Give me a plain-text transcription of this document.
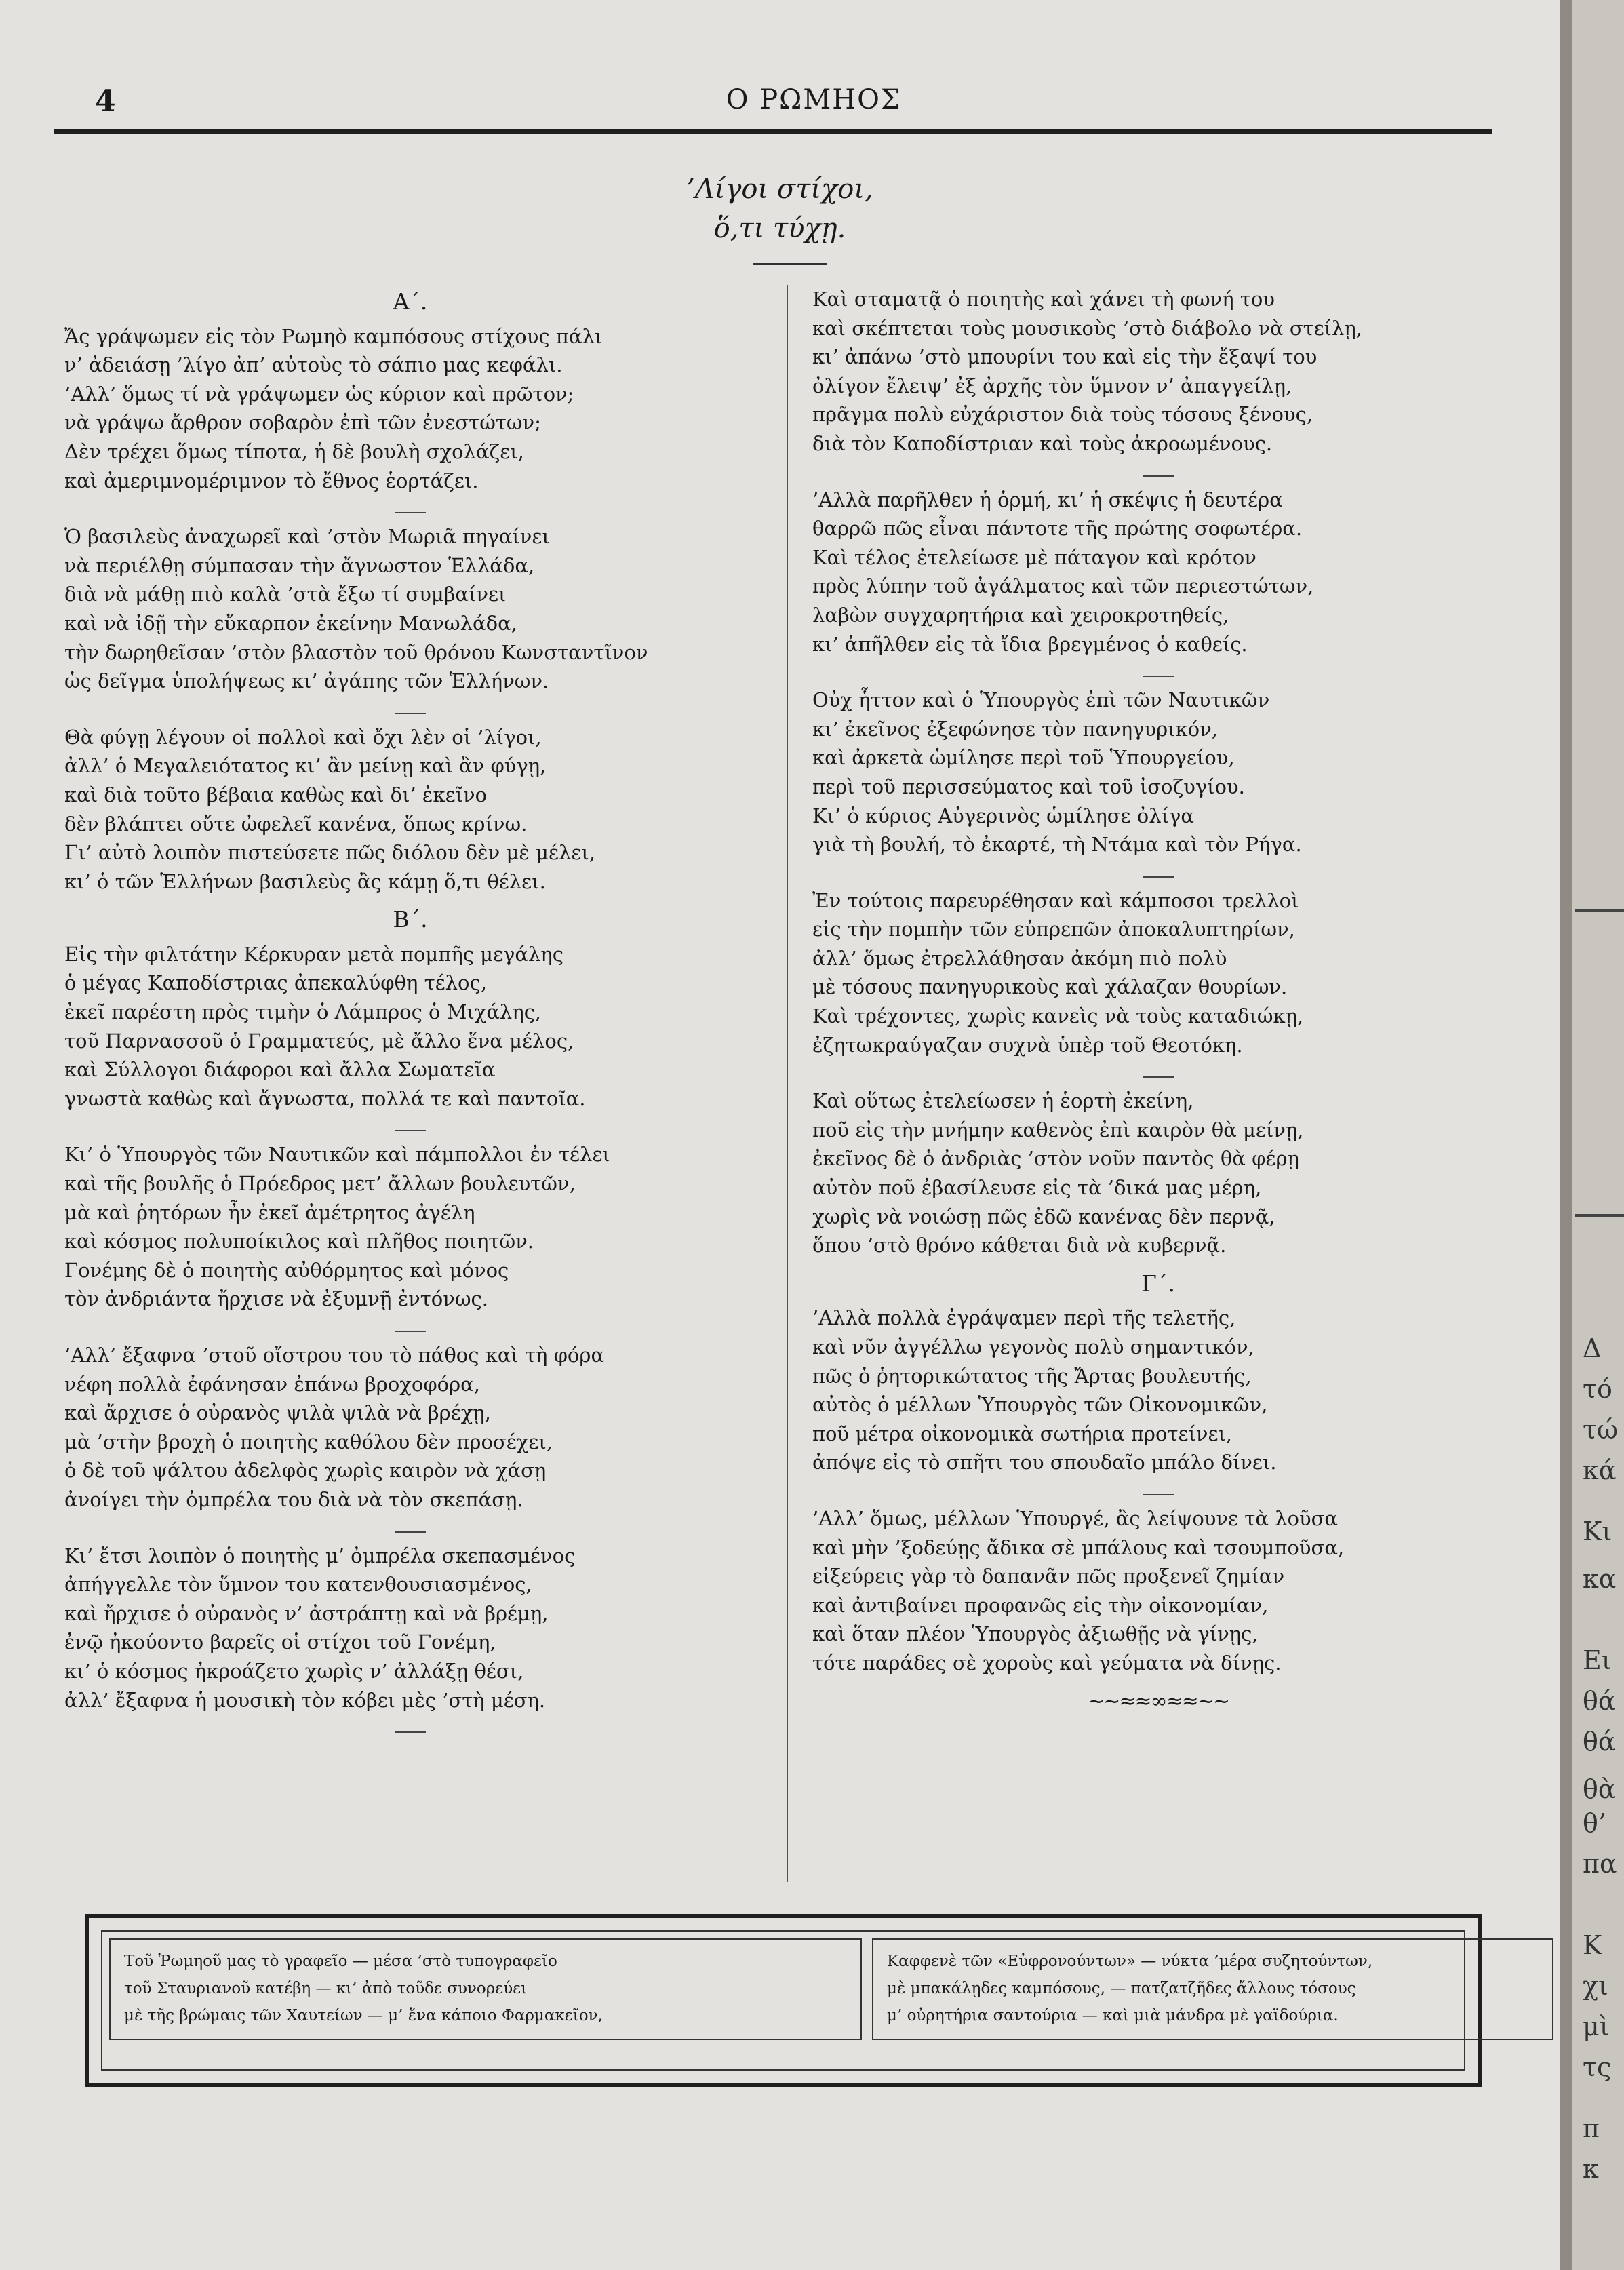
4	Ο ΡΩΜΗΟΣ
’Λίγοι στίχοι,
ὅ,τι τύχῃ.
Α΄.
Ἄς γράψωμεν εἰς τὸν Ρωμηὸ καμπόσους στίχους πάλι
ν’ ἀδειάσῃ ’λίγο ἀπ’ αὐτοὺς τὸ σάπιο μας κεφάλι.
’Αλλ’ ὅμως τί νὰ γράψωμεν ὡς κύριον καὶ πρῶτον;
νὰ γράψω ἄρθρον σοβαρὸν ἐπὶ τῶν ἐνεστώτων;
Δὲν τρέχει ὅμως τίποτα, ἡ δὲ βουλὴ σχολάζει,
καὶ ἀμεριμνομέριμνον τὸ ἔθνος ἑορτάζει.
Ὁ βασιλεὺς ἀναχωρεῖ καὶ ’στὸν Μωριᾶ πηγαίνει
νὰ περιέλθῃ σύμπασαν τὴν ἄγνωστον Ἑλλάδα,
διὰ νὰ μάθῃ πιὸ καλὰ ’στὰ ἔξω τί συμβαίνει
καὶ νὰ ἰδῇ τὴν εὔκαρπον ἐκείνην Μανωλάδα,
τὴν δωρηθεῖσαν ’στὸν βλαστὸν τοῦ θρόνου Κωνσταντῖνον
ὡς δεῖγμα ὑπολήψεως κι’ ἀγάπης τῶν Ἑλλήνων.
Θὰ φύγῃ λέγουν οἱ πολλοὶ καὶ ὄχι λὲν οἱ ’λίγοι,
ἀλλ’ ὁ Μεγαλειότατος κι’ ἂν μείνῃ καὶ ἂν φύγῃ,
καὶ διὰ τοῦτο βέβαια καθὼς καὶ δι’ ἐκεῖνο
δὲν βλάπτει οὔτε ὠφελεῖ κανένα, ὅπως κρίνω.
Γι’ αὐτὸ λοιπὸν πιστεύσετε πῶς διόλου δὲν μὲ μέλει,
κι’ ὁ τῶν Ἑλλήνων βασιλεὺς ἂς κάμῃ ὅ,τι θέλει.
Β΄.
Εἰς τὴν φιλτάτην Κέρκυραν μετὰ πομπῆς μεγάλης
ὁ μέγας Καποδίστριας ἀπεκαλύφθη τέλος,
ἐκεῖ παρέστη πρὸς τιμὴν ὁ Λάμπρος ὁ Μιχάλης,
τοῦ Παρνασσοῦ ὁ Γραμματεύς, μὲ ἄλλο ἕνα μέλος,
καὶ Σύλλογοι διάφοροι καὶ ἄλλα Σωματεῖα
γνωστὰ καθὼς καὶ ἄγνωστα, πολλά τε καὶ παντοῖα.
Κι’ ὁ Ὑπουργὸς τῶν Ναυτικῶν καὶ πάμπολλοι ἐν τέλει
καὶ τῆς βουλῆς ὁ Πρόεδρος μετ’ ἄλλων βουλευτῶν,
μὰ καὶ ῥητόρων ἦν ἐκεῖ ἀμέτρητος ἀγέλη
καὶ κόσμος πολυποίκιλος καὶ πλῆθος ποιητῶν.
Γονέμης δὲ ὁ ποιητὴς αὐθόρμητος καὶ μόνος
τὸν ἀνδριάντα ἤρχισε νὰ ἐξυμνῇ ἐντόνως.
’Αλλ’ ἔξαφνα ’στοῦ οἴστρου του τὸ πάθος καὶ τὴ φόρα
νέφη πολλὰ ἐφάνησαν ἐπάνω βροχοφόρα,
καὶ ἄρχισε ὁ οὐρανὸς ψιλὰ ψιλὰ νὰ βρέχῃ,
μὰ ’στὴν βροχὴ ὁ ποιητὴς καθόλου δὲν προσέχει,
ὁ δὲ τοῦ ψάλτου ἀδελφὸς χωρὶς καιρὸν νὰ χάσῃ
ἀνοίγει τὴν ὀμπρέλα του διὰ νὰ τὸν σκεπάσῃ.
Κι’ ἔτσι λοιπὸν ὁ ποιητὴς μ’ ὀμπρέλα σκεπασμένος
ἀπήγγελλε τὸν ὕμνον του κατενθουσιασμένος,
καὶ ἤρχισε ὁ οὐρανὸς ν’ ἀστράπτῃ καὶ νὰ βρέμῃ,
ἐνῷ ἠκούοντο βαρεῖς οἱ στίχοι τοῦ Γονέμη,
κι’ ὁ κόσμος ἠκροάζετο χωρὶς ν’ ἀλλάξῃ θέσι,
ἀλλ’ ἔξαφνα ἡ μουσικὴ τὸν κόβει μὲς ’στὴ μέση.
Καὶ σταματᾷ ὁ ποιητὴς καὶ χάνει τὴ φωνή του
καὶ σκέπτεται τοὺς μουσικοὺς ’στὸ διάβολο νὰ στείλῃ,
κι’ ἀπάνω ’στὸ μπουρίνι του καὶ εἰς τὴν ἔξαψί του
ὀλίγον ἔλειψ’ ἐξ ἀρχῆς τὸν ὕμνον ν’ ἀπαγγείλῃ,
πρᾶγμα πολὺ εὐχάριστον διὰ τοὺς τόσους ξένους,
διὰ τὸν Καποδίστριαν καὶ τοὺς ἀκροωμένους.
’Αλλὰ παρῆλθεν ἡ ὁρμή, κι’ ἡ σκέψις ἡ δευτέρα
θαρρῶ πῶς εἶναι πάντοτε τῆς πρώτης σοφωτέρα.
Καὶ τέλος ἐτελείωσε μὲ πάταγον καὶ κρότον
πρὸς λύπην τοῦ ἀγάλματος καὶ τῶν περιεστώτων,
λαβὼν συγχαρητήρια καὶ χειροκροτηθείς,
κι’ ἀπῆλθεν εἰς τὰ ἴδια βρεγμένος ὁ καθείς.
Οὐχ ἧττον καὶ ὁ Ὑπουργὸς ἐπὶ τῶν Ναυτικῶν
κι’ ἐκεῖνος ἐξεφώνησε τὸν πανηγυρικόν,
καὶ ἀρκετὰ ὡμίλησε περὶ τοῦ Ὑπουργείου,
περὶ τοῦ περισσεύματος καὶ τοῦ ἰσοζυγίου.
Κι’ ὁ κύριος Αὐγερινὸς ὡμίλησε ὀλίγα
γιὰ τὴ βουλή, τὸ ἐκαρτέ, τὴ Ντάμα καὶ τὸν Ρήγα.
Ἐν τούτοις παρευρέθησαν καὶ κάμποσοι τρελλοὶ
εἰς τὴν πομπὴν τῶν εὐπρεπῶν ἀποκαλυπτηρίων,
ἀλλ’ ὅμως ἐτρελλάθησαν ἀκόμη πιὸ πολὺ
μὲ τόσους πανηγυρικοὺς καὶ χάλαζαν θουρίων.
Καὶ τρέχοντες, χωρὶς κανεὶς νὰ τοὺς καταδιώκῃ,
ἐζητωκραύγαζαν συχνὰ ὑπὲρ τοῦ Θεοτόκη.
Καὶ οὕτως ἐτελείωσεν ἡ ἑορτὴ ἐκείνη,
ποῦ εἰς τὴν μνήμην καθενὸς ἐπὶ καιρὸν θὰ μείνῃ,
ἐκεῖνος δὲ ὁ ἀνδριὰς ’στὸν νοῦν παντὸς θὰ φέρῃ
αὐτὸν ποῦ ἐβασίλευσε εἰς τὰ ’δικά μας μέρη,
χωρὶς νὰ νοιώσῃ πῶς ἐδῶ κανένας δὲν περνᾷ,
ὅπου ’στὸ θρόνο κάθεται διὰ νὰ κυβερνᾷ.
Γ΄.
’Αλλὰ πολλὰ ἐγράψαμεν περὶ τῆς τελετῆς,
καὶ νῦν ἀγγέλλω γεγονὸς πολὺ σημαντικόν,
πῶς ὁ ῥητορικώτατος τῆς Ἄρτας βουλευτής,
αὐτὸς ὁ μέλλων Ὑπουργὸς τῶν Οἰκονομικῶν,
ποῦ μέτρα οἰκονομικὰ σωτήρια προτείνει,
ἀπόψε εἰς τὸ σπῆτι του σπουδαῖο μπάλο δίνει.
’Αλλ’ ὅμως, μέλλων Ὑπουργέ, ἂς λείψουνε τὰ λοῦσα
καὶ μὴν ’ξοδεύῃς ἄδικα σὲ μπάλους καὶ τσουμποῦσα,
εἰξεύρεις γὰρ τὸ δαπανᾶν πῶς προξενεῖ ζημίαν
καὶ ἀντιβαίνει προφανῶς εἰς τὴν οἰκονομίαν,
καὶ ὅταν πλέον Ὑπουργὸς ἀξιωθῇς νὰ γίνῃς,
τότε παράδες σὲ χοροὺς καὶ γεύματα νὰ δίνῃς.
~~≈≈∞≈≈~~
Τοῦ Ῥωμηοῦ μας τὸ γραφεῖο — μέσα ’στὸ τυπογραφεῖο
τοῦ Σταυριανοῦ κατέβη — κι’ ἀπὸ τοῦδε συνορεύει
μὲ τῆς βρώμαις τῶν Χαυτείων — μ’ ἕνα κάποιο Φαρμακεῖον,
Καφφενὲ τῶν «Εὐφρονούντων» — νύκτα ’μέρα συζητούντων,
μὲ μπακάλῃδες καμπόσους, — πατζατζῆδες ἄλλους τόσους
μ’ οὐρητήρια σαντούρια — καὶ μιὰ μάνδρα μὲ γαϊδούρια.
Δ
τό
τώ
κά
Κι
κα
Ει
θά
θά
θὰ
θ’
πα
Κ
χι
μὶ
τς
π
κ
